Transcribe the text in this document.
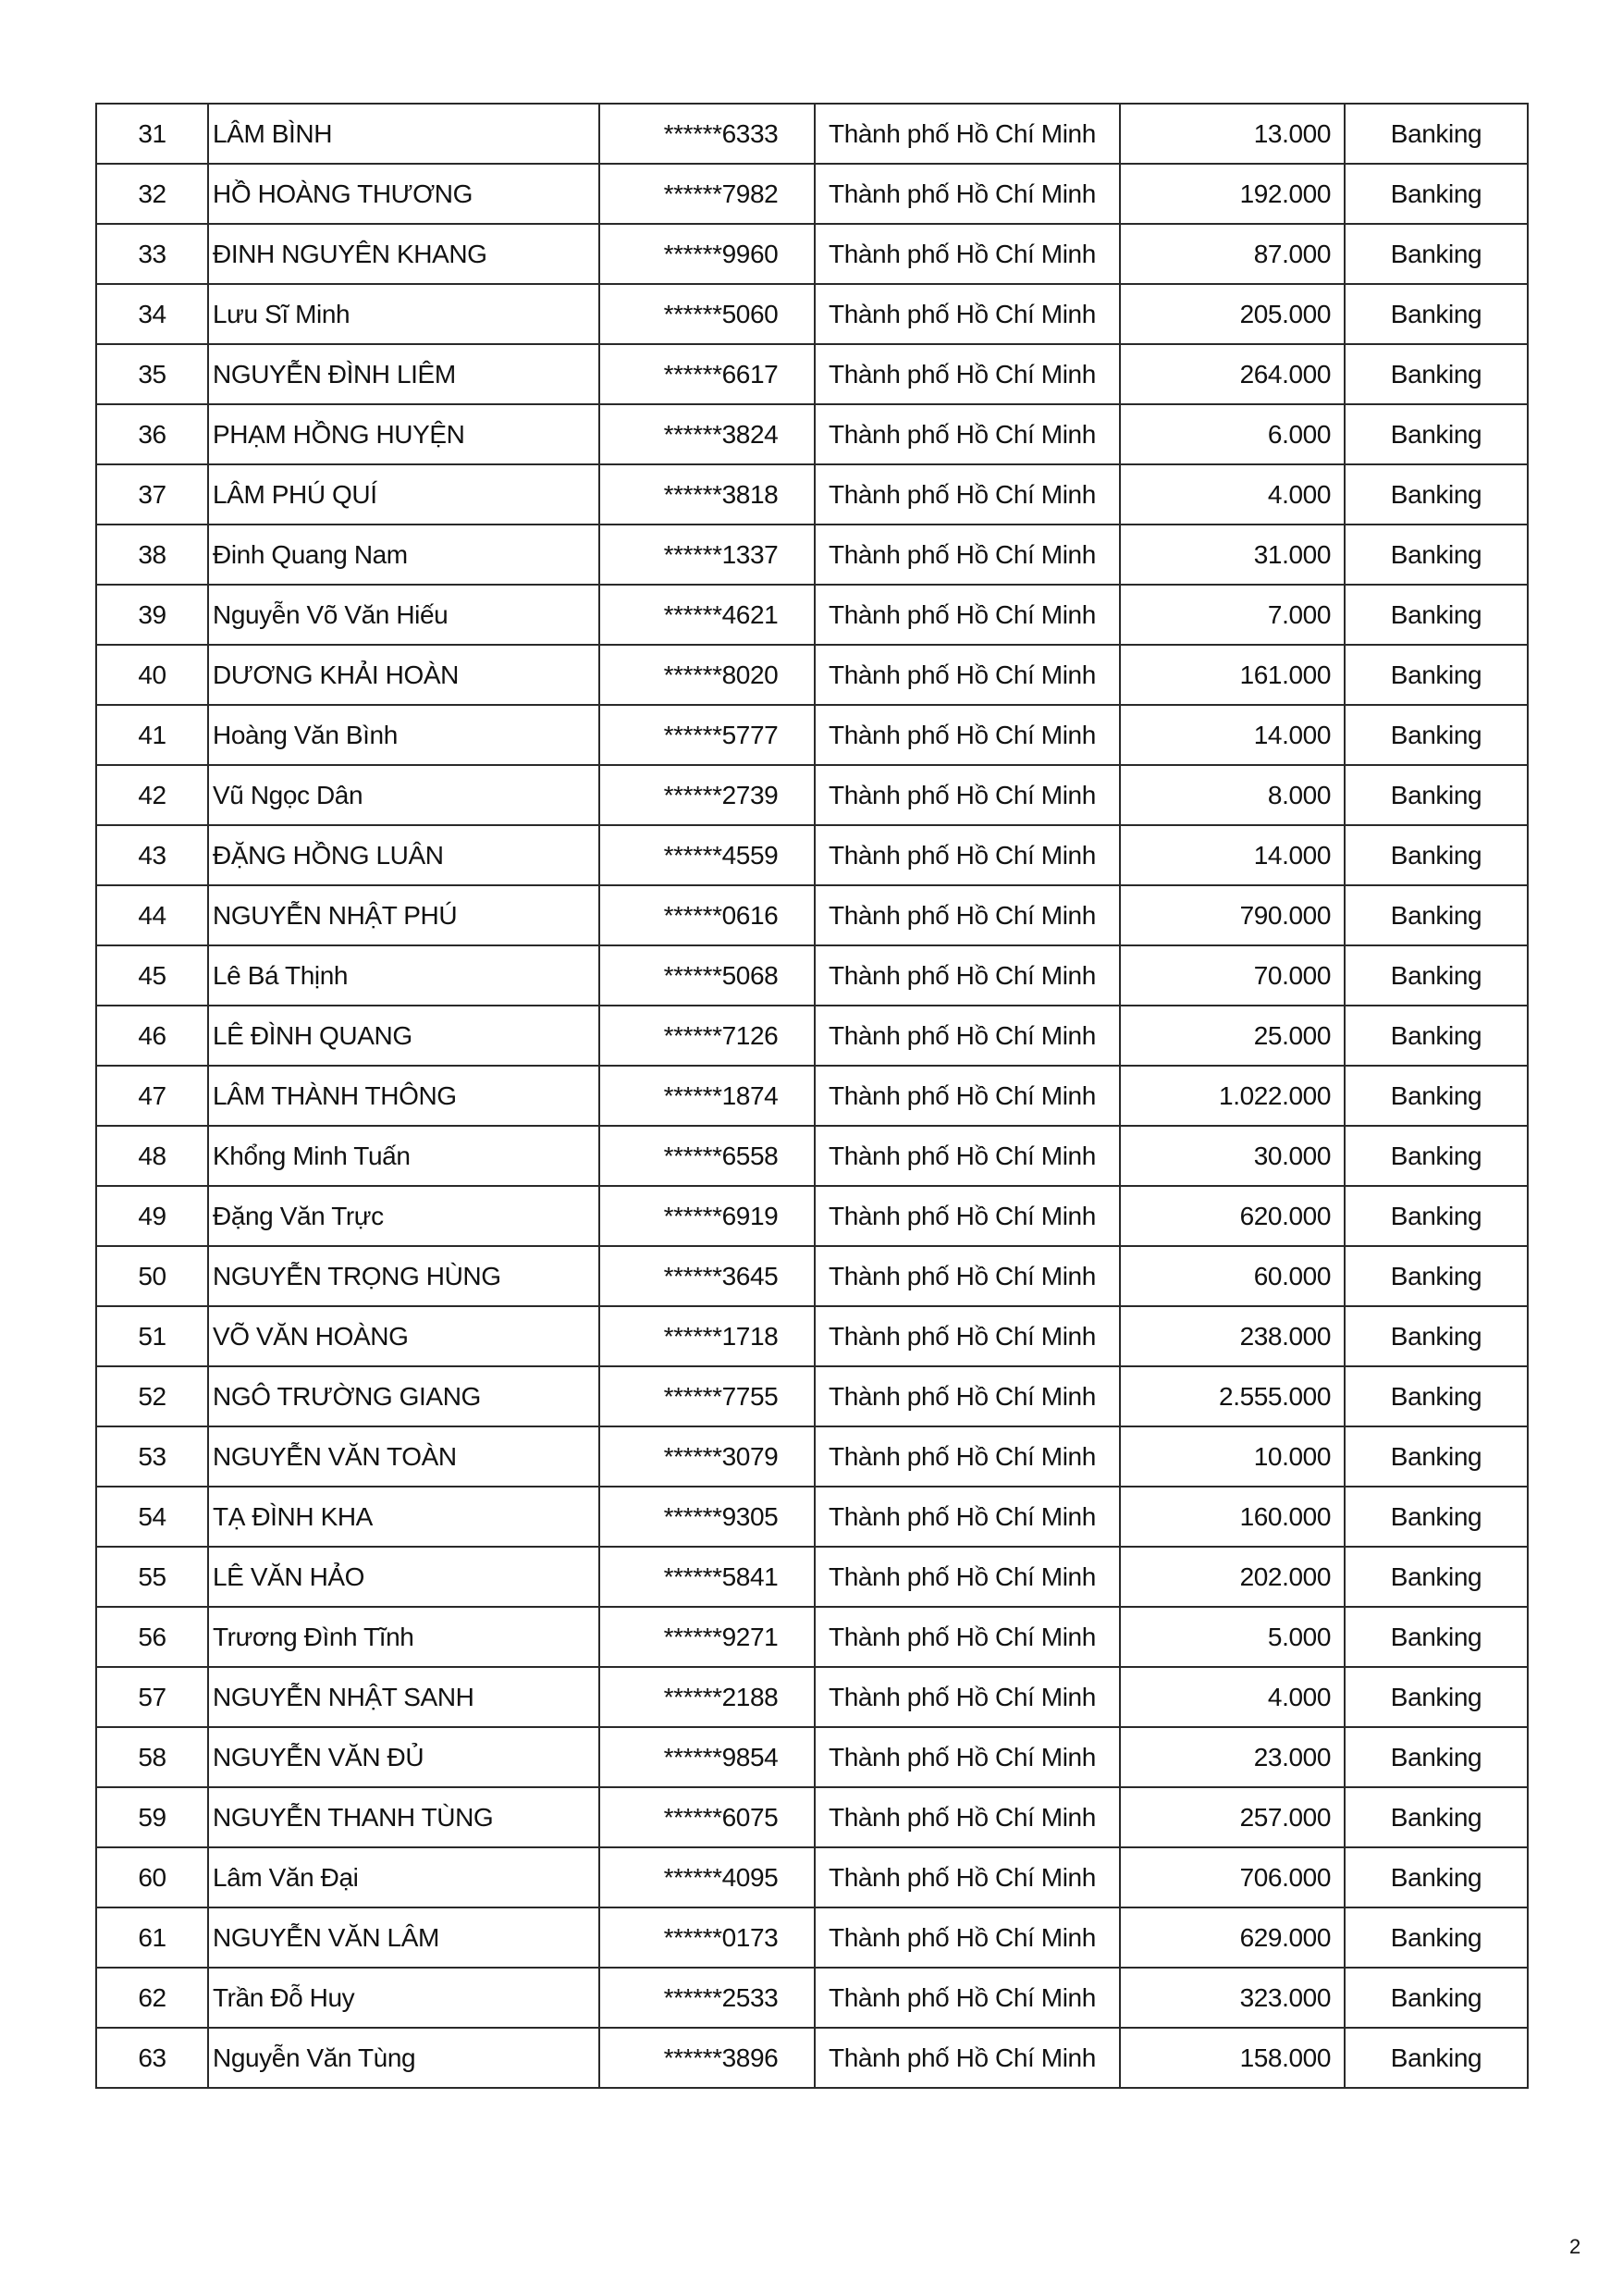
31	LÂM BÌNH	******6333	Thành phố Hồ Chí Minh	13.000	Banking
32	HỒ HOÀNG THƯƠNG	******7982	Thành phố Hồ Chí Minh	192.000	Banking
33	ĐINH NGUYÊN KHANG	******9960	Thành phố Hồ Chí Minh	87.000	Banking
34	Lưu Sĩ Minh	******5060	Thành phố Hồ Chí Minh	205.000	Banking
35	NGUYỄN ĐÌNH LIÊM	******6617	Thành phố Hồ Chí Minh	264.000	Banking
36	PHẠM HỒNG HUYỆN	******3824	Thành phố Hồ Chí Minh	6.000	Banking
37	LÂM PHÚ QUÍ	******3818	Thành phố Hồ Chí Minh	4.000	Banking
38	Đinh Quang Nam	******1337	Thành phố Hồ Chí Minh	31.000	Banking
39	Nguyễn Võ Văn Hiếu	******4621	Thành phố Hồ Chí Minh	7.000	Banking
40	DƯƠNG KHẢI HOÀN	******8020	Thành phố Hồ Chí Minh	161.000	Banking
41	Hoàng Văn Bình	******5777	Thành phố Hồ Chí Minh	14.000	Banking
42	Vũ Ngọc Dân	******2739	Thành phố Hồ Chí Minh	8.000	Banking
43	ĐẶNG HỒNG LUÂN	******4559	Thành phố Hồ Chí Minh	14.000	Banking
44	NGUYỄN NHẬT PHÚ	******0616	Thành phố Hồ Chí Minh	790.000	Banking
45	Lê Bá Thịnh	******5068	Thành phố Hồ Chí Minh	70.000	Banking
46	LÊ ĐÌNH QUANG	******7126	Thành phố Hồ Chí Minh	25.000	Banking
47	LÂM THÀNH THÔNG	******1874	Thành phố Hồ Chí Minh	1.022.000	Banking
48	Khổng Minh Tuấn	******6558	Thành phố Hồ Chí Minh	30.000	Banking
49	Đặng Văn Trực	******6919	Thành phố Hồ Chí Minh	620.000	Banking
50	NGUYỄN TRỌNG HÙNG	******3645	Thành phố Hồ Chí Minh	60.000	Banking
51	VÕ VĂN HOÀNG	******1718	Thành phố Hồ Chí Minh	238.000	Banking
52	NGÔ TRƯỜNG GIANG	******7755	Thành phố Hồ Chí Minh	2.555.000	Banking
53	NGUYỄN VĂN TOÀN	******3079	Thành phố Hồ Chí Minh	10.000	Banking
54	TẠ ĐÌNH KHA	******9305	Thành phố Hồ Chí Minh	160.000	Banking
55	LÊ VĂN HẢO	******5841	Thành phố Hồ Chí Minh	202.000	Banking
56	Trương Đình Tĩnh	******9271	Thành phố Hồ Chí Minh	5.000	Banking
57	NGUYỄN NHẬT SANH	******2188	Thành phố Hồ Chí Minh	4.000	Banking
58	NGUYỄN VĂN ĐỦ	******9854	Thành phố Hồ Chí Minh	23.000	Banking
59	NGUYỄN THANH TÙNG	******6075	Thành phố Hồ Chí Minh	257.000	Banking
60	Lâm Văn Đại	******4095	Thành phố Hồ Chí Minh	706.000	Banking
61	NGUYỄN VĂN LÂM	******0173	Thành phố Hồ Chí Minh	629.000	Banking
62	Trần Đỗ Huy	******2533	Thành phố Hồ Chí Minh	323.000	Banking
63	Nguyễn Văn Tùng	******3896	Thành phố Hồ Chí Minh	158.000	Banking
2
